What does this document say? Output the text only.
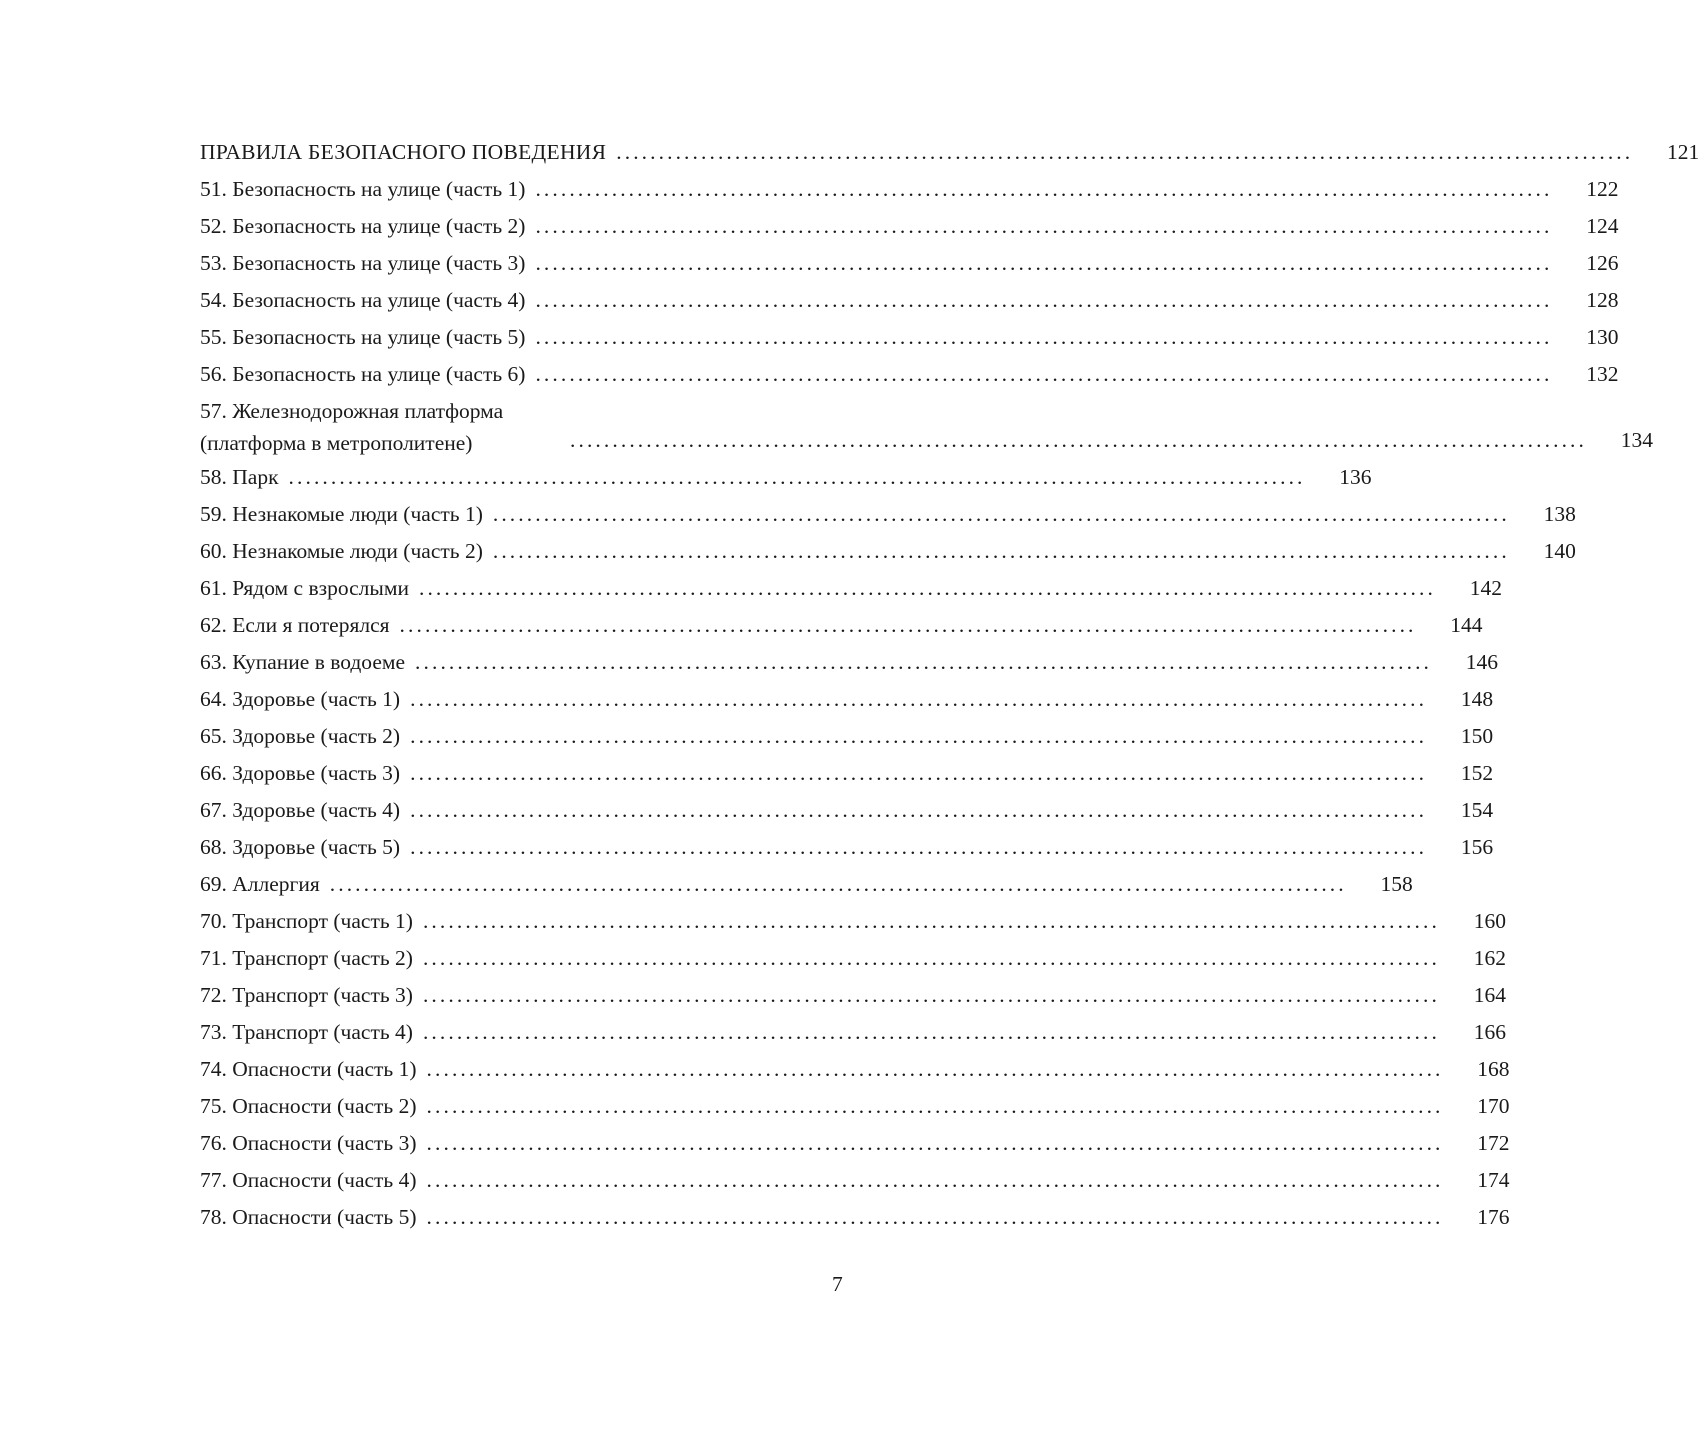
ПРАВИЛА БЕЗОПАСНОГО ПОВЕДЕНИЯ ........................................................................................................................	121
51. Безопасность на улице (часть 1) ........................................................................................................................	122
52. Безопасность на улице (часть 2) ........................................................................................................................	124
53. Безопасность на улице (часть 3) ........................................................................................................................	126
54. Безопасность на улице (часть 4) ........................................................................................................................	128
55. Безопасность на улице (часть 5) ........................................................................................................................	130
56. Безопасность на улице (часть 6) ........................................................................................................................	132
57. Железнодорожная платформа
(платформа в метрополитене)	........................................................................................................................	134
58. Парк ........................................................................................................................	136
59. Незнакомые люди (часть 1) ........................................................................................................................	138
60. Незнакомые люди (часть 2) ........................................................................................................................	140
61. Рядом с взрослыми ........................................................................................................................	142
62. Если я потерялся ........................................................................................................................	144
63. Купание в водоеме ........................................................................................................................	146
64. Здоровье (часть 1) ........................................................................................................................	148
65. Здоровье (часть 2) ........................................................................................................................	150
66. Здоровье (часть 3) ........................................................................................................................	152
67. Здоровье (часть 4) ........................................................................................................................	154
68. Здоровье (часть 5) ........................................................................................................................	156
69. Аллергия ........................................................................................................................	158
70. Транспорт (часть 1) ........................................................................................................................	160
71. Транспорт (часть 2) ........................................................................................................................	162
72. Транспорт (часть 3) ........................................................................................................................	164
73. Транспорт (часть 4) ........................................................................................................................	166
74. Опасности (часть 1) ........................................................................................................................	168
75. Опасности (часть 2) ........................................................................................................................	170
76. Опасности (часть 3) ........................................................................................................................	172
77. Опасности (часть 4) ........................................................................................................................	174
78. Опасности (часть 5) ........................................................................................................................	176
7
